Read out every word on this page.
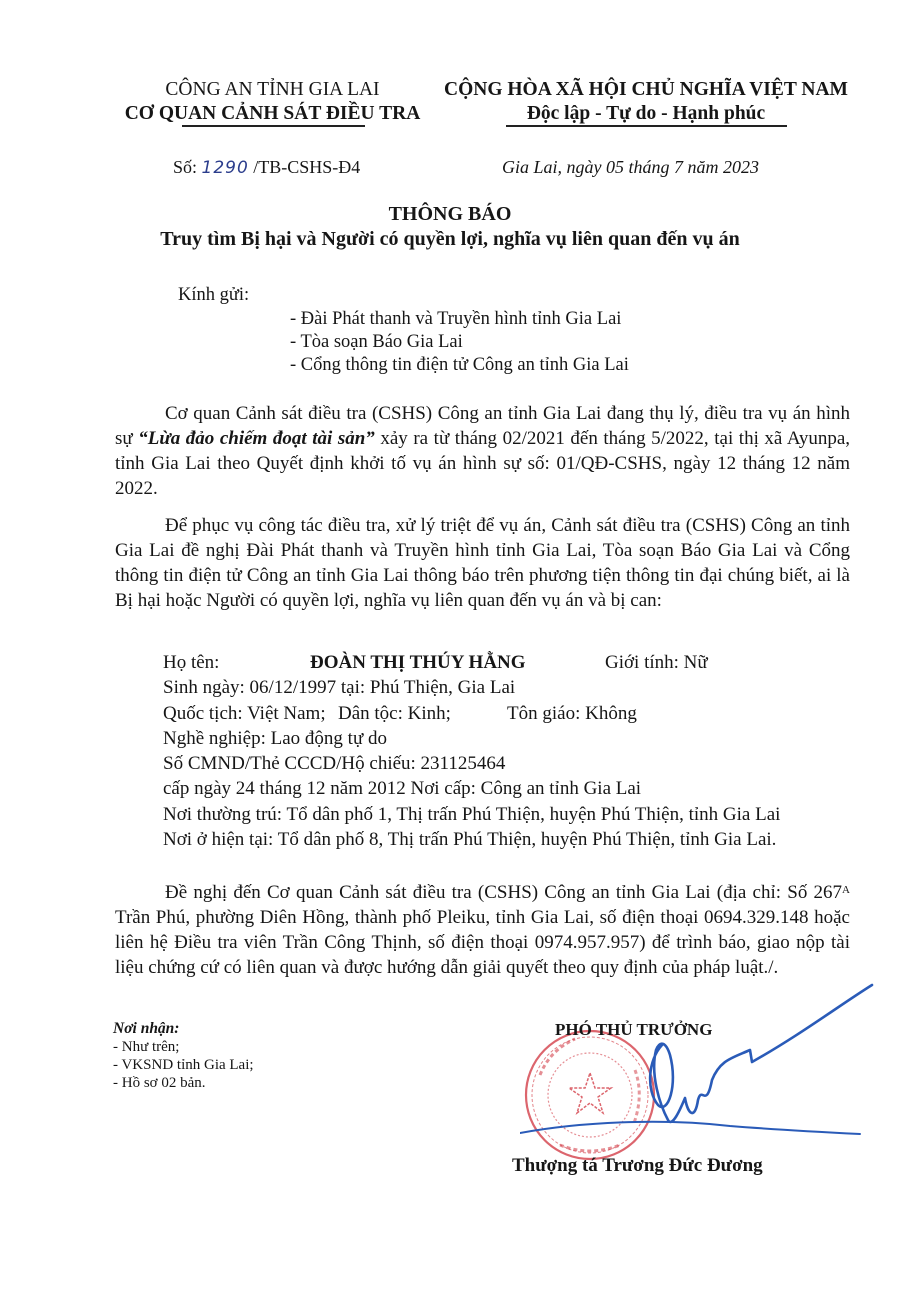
CÔNG AN TỈNH GIA LAI
CƠ QUAN CẢNH SÁT ĐIỀU TRA
CỘNG HÒA XÃ HỘI CHỦ NGHĨA VIỆT NAM
Độc lập - Tự do - Hạnh phúc
Số: 1290 /TB-CSHS-Đ4	Gia Lai, ngày 05 tháng 7 năm 2023
THÔNG BÁO
Truy tìm Bị hại và Người có quyền lợi, nghĩa vụ liên quan đến vụ án
Kính gửi:
- Đài Phát thanh và Truyền hình tỉnh Gia Lai
- Tòa soạn Báo Gia Lai
- Cổng thông tin điện tử Công an tỉnh Gia Lai

Cơ quan Cảnh sát điều tra (CSHS) Công an tỉnh Gia Lai đang thụ lý, điều tra vụ án hình sự “Lừa đảo chiếm đoạt tài sản” xảy ra từ tháng 02/2021 đến tháng 5/2022, tại thị xã Ayunpa, tỉnh Gia Lai theo Quyết định khởi tố vụ án hình sự số: 01/QĐ-CSHS, ngày 12 tháng 12 năm 2022.

Để phục vụ công tác điều tra, xử lý triệt để vụ án, Cảnh sát điều tra (CSHS) Công an tỉnh Gia Lai đề nghị Đài Phát thanh và Truyền hình tỉnh Gia Lai, Tòa soạn Báo Gia Lai và Cổng thông tin điện tử Công an tỉnh Gia Lai thông báo trên phương tiện thông tin đại chúng biết, ai là Bị hại hoặc Người có quyền lợi, nghĩa vụ liên quan đến vụ án và bị can:

Họ tên:	ĐOÀN THỊ THÚY HẰNG	Giới tính: Nữ
Sinh ngày: 06/12/1997 tại: Phú Thiện, Gia Lai
Quốc tịch: Việt Nam; Dân tộc: Kinh;	Tôn giáo: Không
Nghề nghiệp: Lao động tự do
Số CMND/Thẻ CCCD/Hộ chiếu: 231125464
cấp ngày 24 tháng 12 năm 2012 Nơi cấp: Công an tỉnh Gia Lai
Nơi thường trú: Tổ dân phố 1, Thị trấn Phú Thiện, huyện Phú Thiện, tỉnh Gia Lai
Nơi ở hiện tại: Tổ dân phố 8, Thị trấn Phú Thiện, huyện Phú Thiện, tỉnh Gia Lai.

Đề nghị đến Cơ quan Cảnh sát điều tra (CSHS) Công an tỉnh Gia Lai (địa chỉ: Số $267^A$ Trần Phú, phường Diên Hồng, thành phố Pleiku, tỉnh Gia Lai, số điện thoại 0694.329.148 hoặc liên hệ Điều tra viên Trần Công Thịnh, số điện thoại 0974.957.957) để trình báo, giao nộp tài liệu chứng cứ có liên quan và được hướng dẫn giải quyết theo quy định của pháp luật./.

Nơi nhận:
- Như trên;
- VKSND tỉnh Gia Lai;
- Hồ sơ 02 bản.
PHÓ THỦ TRƯỞNG
Thượng tá Trương Đức Đương
